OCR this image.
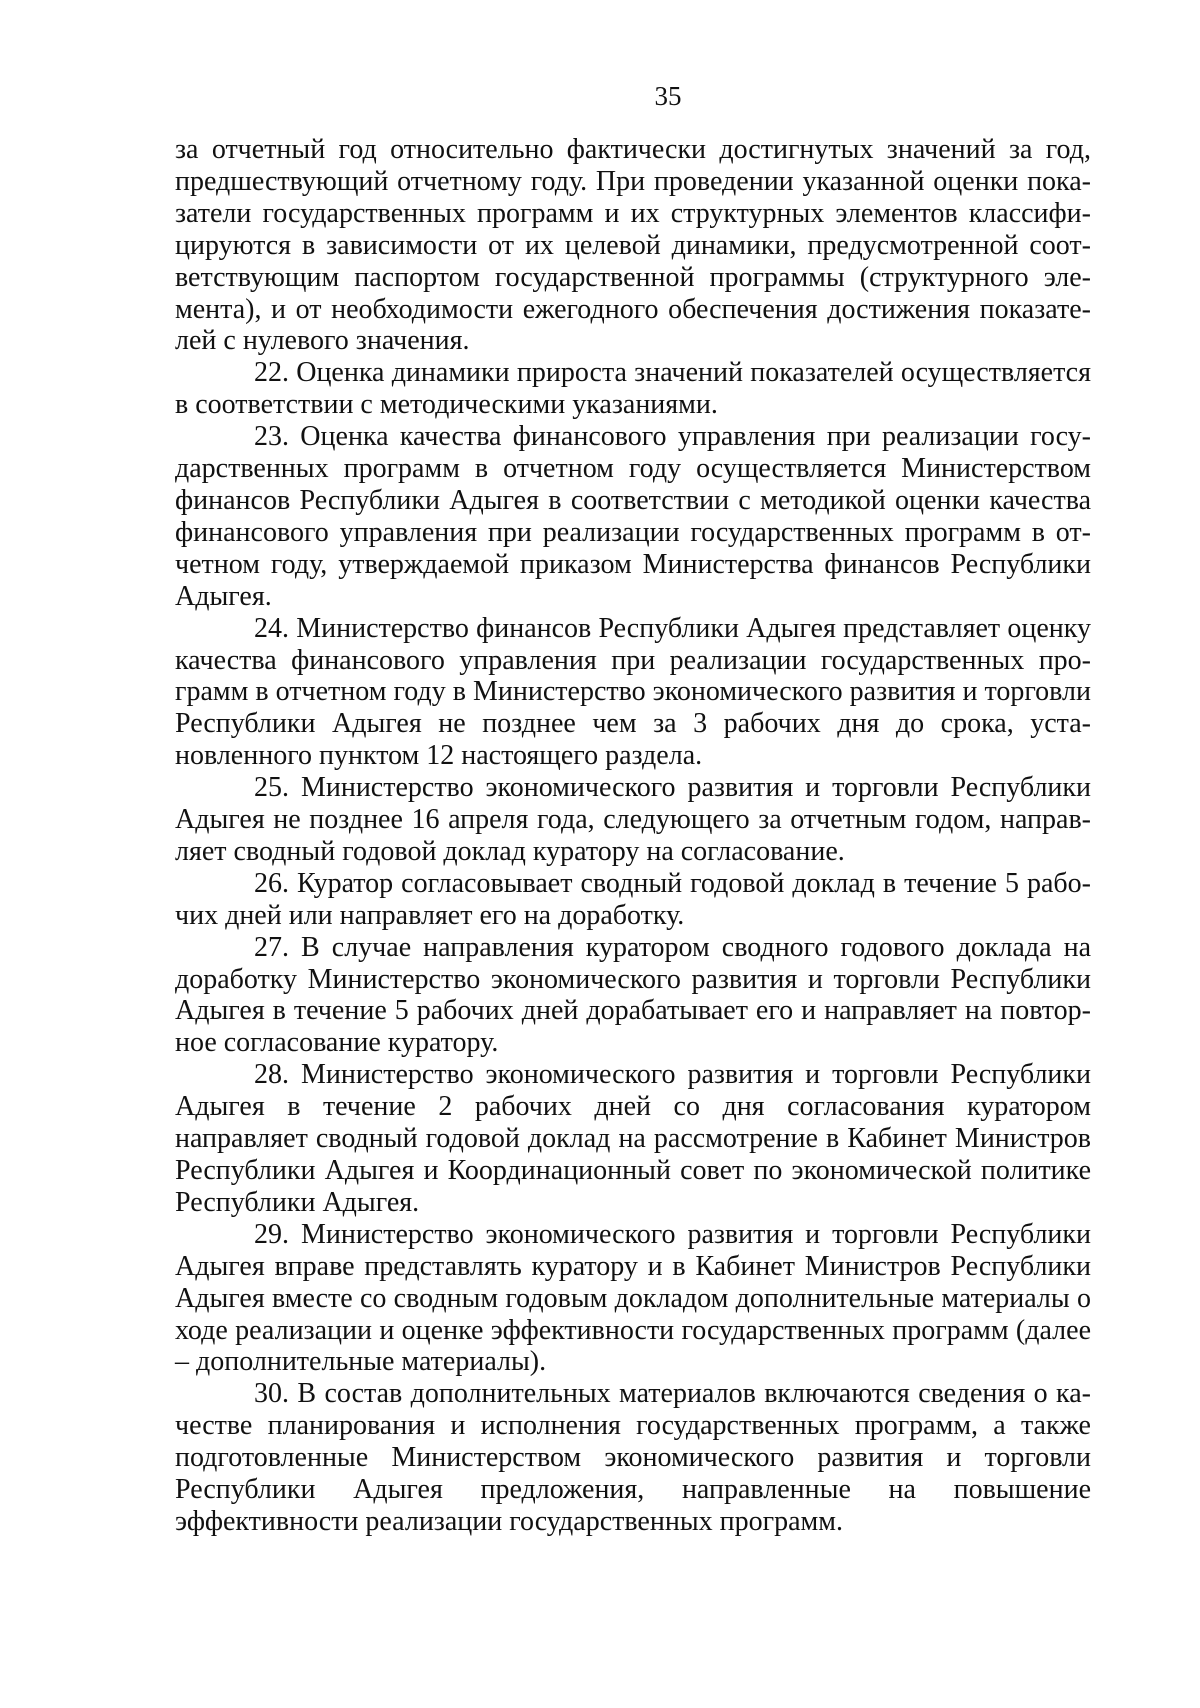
35

за отчетный год относительно фактически достигнутых значений за год, предшествующий отчетному году. При проведении указанной оценки показатели государственных программ и их структурных элементов классифицируются в зависимости от их целевой динамики, предусмотренной соответствующим паспортом государственной программы (структурного элемента), и от необходимости ежегодного обеспечения достижения показателей с нулевого значения.

22. Оценка динамики прироста значений показателей осуществляется в соответствии с методическими указаниями.

23. Оценка качества финансового управления при реализации государственных программ в отчетном году осуществляется Министерством финансов Республики Адыгея в соответствии с методикой оценки качества финансового управления при реализации государственных программ в отчетном году, утверждаемой приказом Министерства финансов Республики Адыгея.

24. Министерство финансов Республики Адыгея представляет оценку качества финансового управления при реализации государственных программ в отчетном году в Министерство экономического развития и торговли Республики Адыгея не позднее чем за 3 рабочих дня до срока, установленного пунктом 12 настоящего раздела.

25. Министерство экономического развития и торговли Республики Адыгея не позднее 16 апреля года, следующего за отчетным годом, направляет сводный годовой доклад куратору на согласование.

26. Куратор согласовывает сводный годовой доклад в течение 5 рабочих дней или направляет его на доработку.

27. В случае направления куратором сводного годового доклада на доработку Министерство экономического развития и торговли Республики Адыгея в течение 5 рабочих дней дорабатывает его и направляет на повторное согласование куратору.

28. Министерство экономического развития и торговли Республики Адыгея в течение 2 рабочих дней со дня согласования куратором направляет сводный годовой доклад на рассмотрение в Кабинет Министров Республики Адыгея и Координационный совет по экономической политике Республики Адыгея.

29. Министерство экономического развития и торговли Республики Адыгея вправе представлять куратору и в Кабинет Министров Республики Адыгея вместе со сводным годовым докладом дополнительные материалы о ходе реализации и оценке эффективности государственных программ (далее – дополнительные материалы).

30. В состав дополнительных материалов включаются сведения о качестве планирования и исполнения государственных программ, а также подготовленные Министерством экономического развития и торговли Республики Адыгея предложения, направленные на повышение эффективности реализации государственных программ.
